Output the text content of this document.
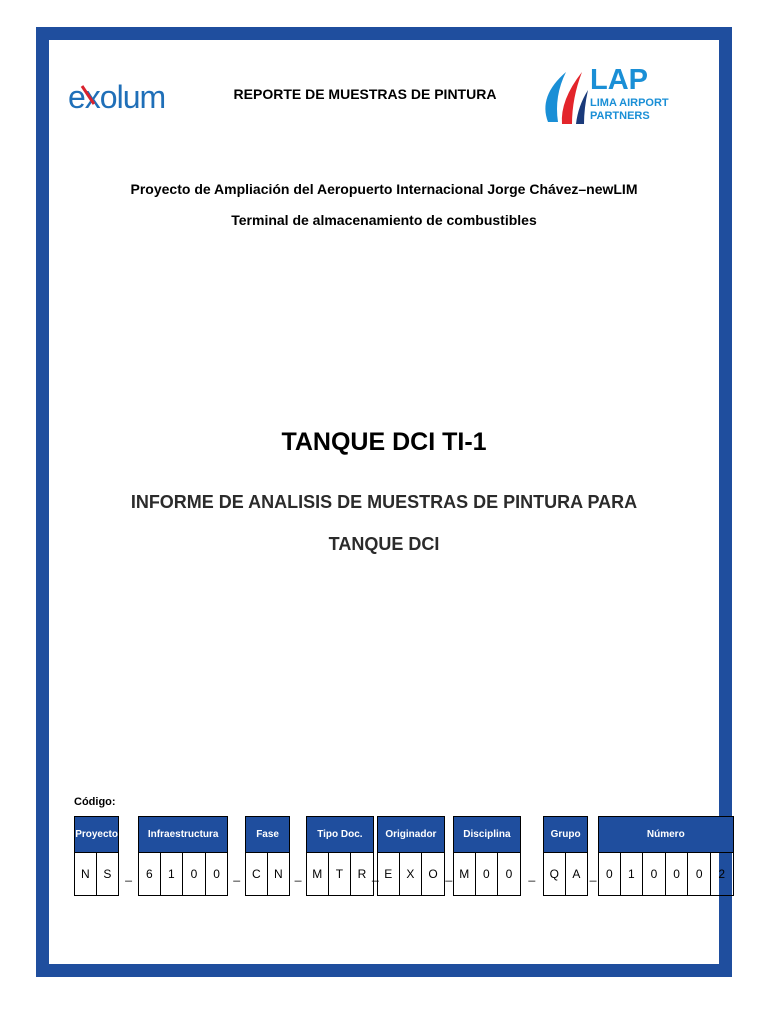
exolum	REPORTE DE MUESTRAS DE PINTURA	LAP
LIMA AIRPORT
PARTNERS
Proyecto de Ampliación del Aeropuerto Internacional Jorge Chávez–newLIM
Terminal de almacenamiento de combustibles
TANQUE DCI TI-1
INFORME DE ANALISIS DE MUESTRAS DE PINTURA PARA
TANQUE DCI
Código:
Proyecto
N	S	_
Infraestructura
6	1	0	0	_
Fase
C	N	_
Tipo Doc.
M	T	R _
Originador
E	X	O _
Disciplina
M	0	0	_
Grupo
Q	A _
Número
0	1	0	0	0	2
